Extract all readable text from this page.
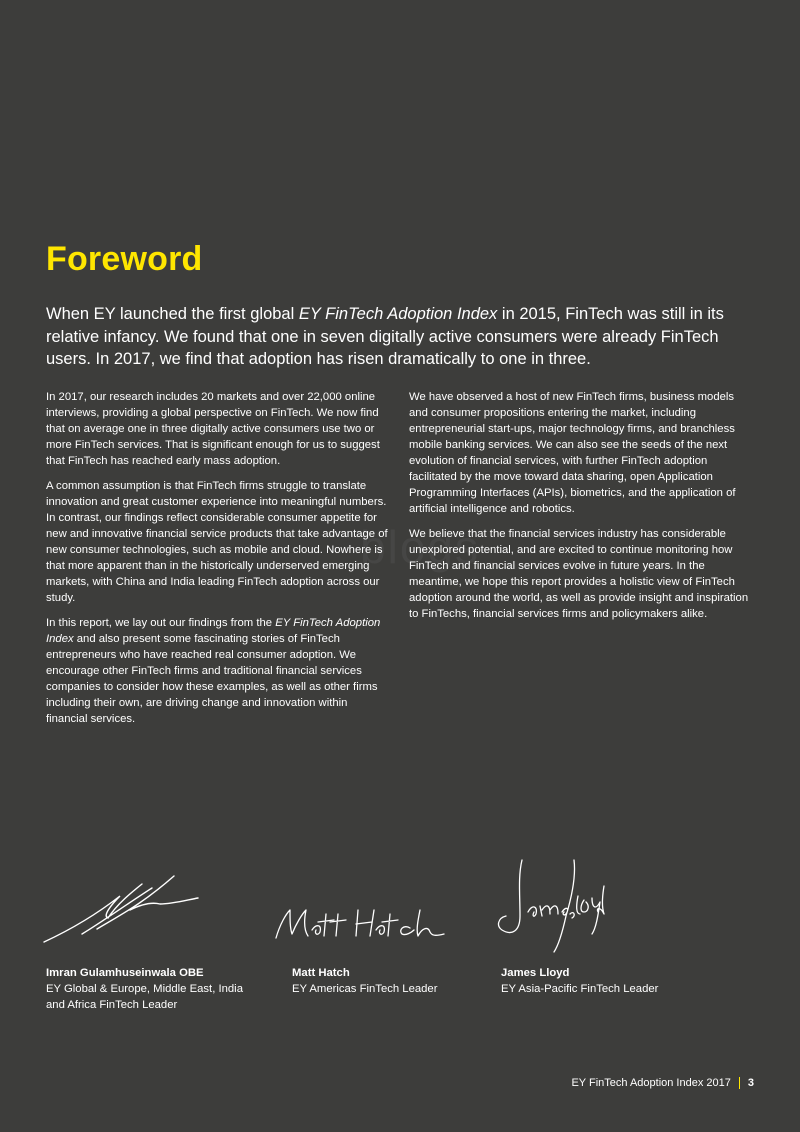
Foreword

When EY launched the first global EY FinTech Adoption Index in 2015, FinTech was still in its relative infancy. We found that one in seven digitally active consumers were already FinTech users. In 2017, we find that adoption has risen dramatically to one in three.

blogs

In 2017, our research includes 20 markets and over 22,000 online interviews, providing a global perspective on FinTech. We now find that on average one in three digitally active consumers use two or more FinTech services. That is significant enough for us to suggest that FinTech has reached early mass adoption.

A common assumption is that FinTech firms struggle to translate innovation and great customer experience into meaningful numbers. In contrast, our findings reflect considerable consumer appetite for new and innovative financial service products that take advantage of new consumer technologies, such as mobile and cloud. Nowhere is that more apparent than in the historically underserved emerging markets, with China and India leading FinTech adoption across our study.

In this report, we lay out our findings from the EY FinTech Adoption Index and also present some fascinating stories of FinTech entrepreneurs who have reached real consumer adoption. We encourage other FinTech firms and traditional financial services companies to consider how these examples, as well as other firms including their own, are driving change and innovation within financial services.

We have observed a host of new FinTech firms, business models and consumer propositions entering the market, including entrepreneurial start-ups, major technology firms, and branchless mobile banking services. We can also see the seeds of the next evolution of financial services, with further FinTech adoption facilitated by the move toward data sharing, open Application Programming Interfaces (APIs), biometrics, and the application of artificial intelligence and robotics.

We believe that the financial services industry has considerable unexplored potential, and are excited to continue monitoring how FinTech and financial services evolve in future years. In the meantime, we hope this report provides a holistic view of FinTech adoption around the world, as well as provide insight and inspiration to FinTechs, financial services firms and policymakers alike.

Imran Gulamhuseinwala OBE
EY Global & Europe, Middle East, India and Africa FinTech Leader
Matt Hatch
EY Americas FinTech Leader
James Lloyd
EY Asia-Pacific FinTech Leader
EY FinTech Adoption Index 2017 3
